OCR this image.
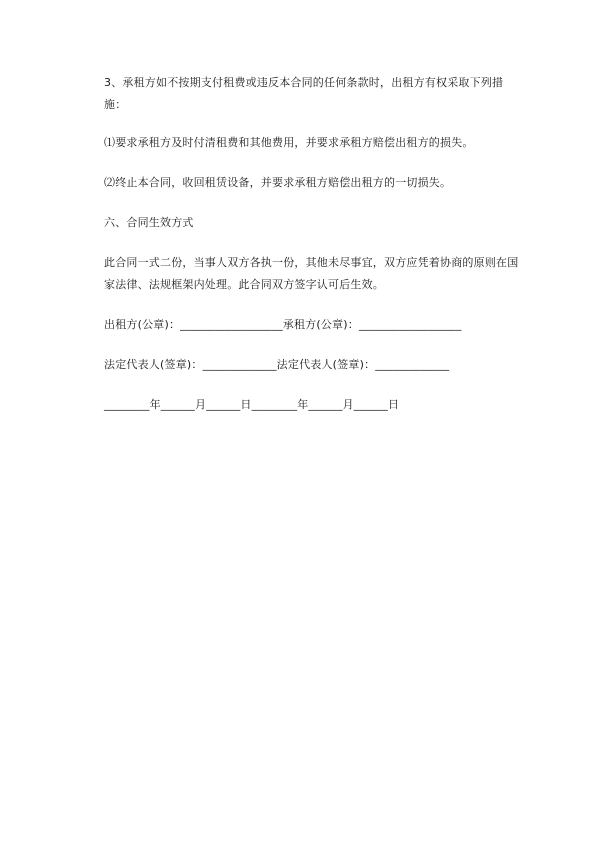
3、承租方如不按期支付租费或违反本合同的任何条款时，出租方有权采取下列措施：
⑴要求承租方及时付清租费和其他费用，并要求承租方赔偿出租方的损失。
⑵终止本合同，收回租赁设备，并要求承租方赔偿出租方的一切损失。
六、合同生效方式
此合同一式二份，当事人双方各执一份，其他未尽事宜，双方应凭着协商的原则在国家法律、法规框架内处理。此合同双方签字认可后生效。
出租方(公章)：__________________承租方(公章)：__________________
法定代表人(签章)：_____________法定代表人(签章)：_____________
________年______月______日________年______月______日
